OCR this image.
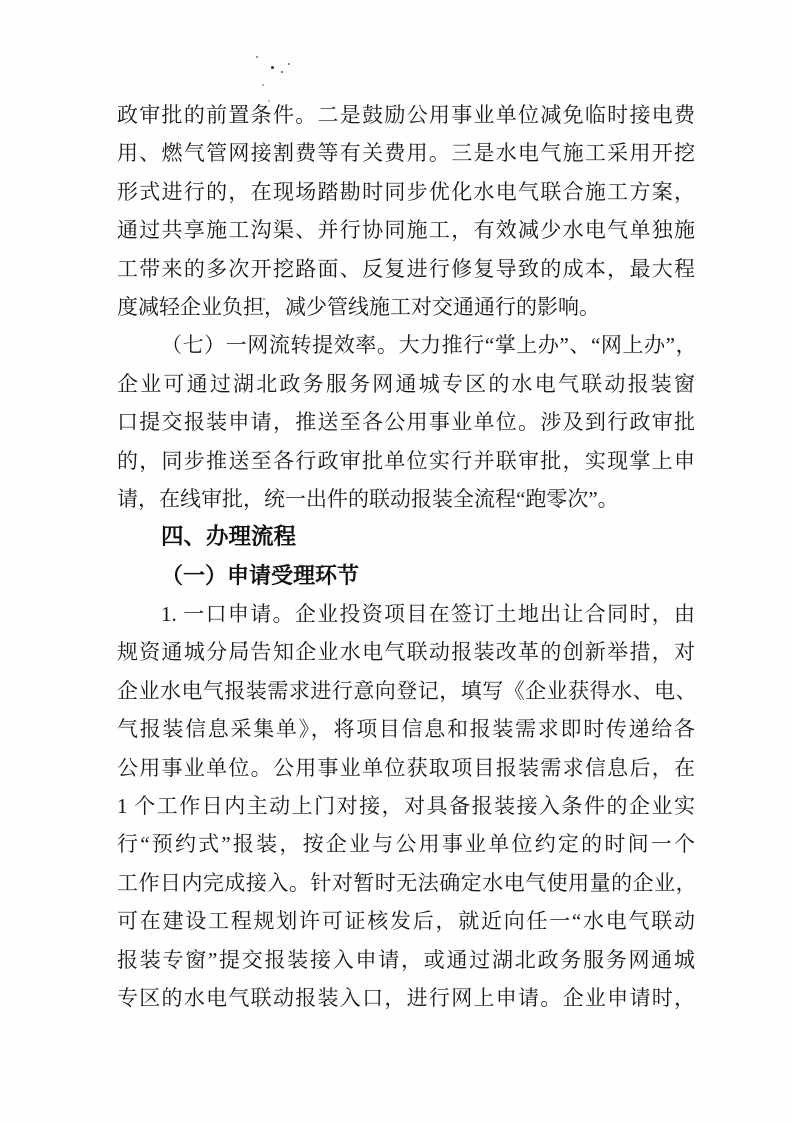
政审批的前置条件。二是鼓励公用事业单位减免临时接电费
用、燃气管网接割费等有关费用。三是水电气施工采用开挖
形式进行的，在现场踏勘时同步优化水电气联合施工方案，
通过共享施工沟渠、并行协同施工，有效减少水电气单独施
工带来的多次开挖路面、反复进行修复导致的成本，最大程
度减轻企业负担，减少管线施工对交通通行的影响。
（七）一网流转提效率。大力推行“掌上办”、“网上办”，
企业可通过湖北政务服务网通城专区的水电气联动报装窗
口提交报装申请，推送至各公用事业单位。涉及到行政审批
的，同步推送至各行政审批单位实行并联审批，实现掌上申
请，在线审批，统一出件的联动报装全流程“跑零次”。
四、办理流程
（一）申请受理环节
1. 一口申请。企业投资项目在签订土地出让合同时，由
规资通城分局告知企业水电气联动报装改革的创新举措，对
企业水电气报装需求进行意向登记，填写《企业获得水、电、
气报装信息采集单》，将项目信息和报装需求即时传递给各
公用事业单位。公用事业单位获取项目报装需求信息后，在
1 个工作日内主动上门对接，对具备报装接入条件的企业实
行“预约式”报装，按企业与公用事业单位约定的时间一个
工作日内完成接入。针对暂时无法确定水电气使用量的企业，
可在建设工程规划许可证核发后，就近向任一“水电气联动
报装专窗”提交报装接入申请，或通过湖北政务服务网通城
专区的水电气联动报装入口，进行网上申请。企业申请时，
